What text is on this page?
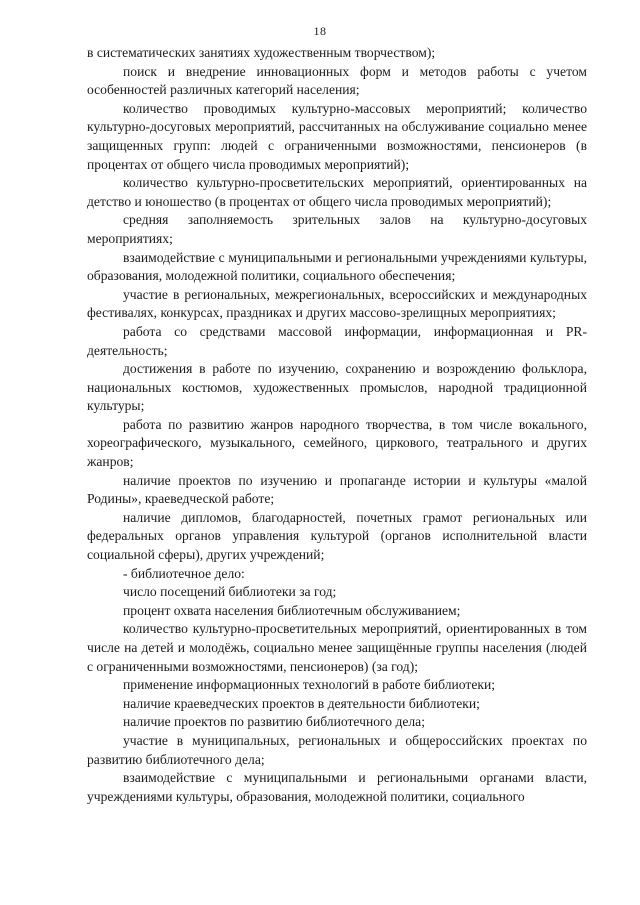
18

в систематических занятиях художественным творчеством);

поиск и внедрение инновационных форм и методов работы с учетом особенностей различных категорий населения;

количество проводимых культурно-массовых мероприятий; количество культурно-досуговых мероприятий, рассчитанных на обслуживание социально менее защищенных групп: людей с ограниченными возможностями, пенсионеров (в процентах от общего числа проводимых мероприятий);

количество культурно-просветительских мероприятий, ориентированных на детство и юношество (в процентах от общего числа проводимых мероприятий);

средняя заполняемость зрительных залов на культурно-досуговых мероприятиях;

взаимодействие с муниципальными и региональными учреждениями культуры, образования, молодежной политики, социального обеспечения;

участие в региональных, межрегиональных, всероссийских и международных фестивалях, конкурсах, праздниках и других массово-зрелищных мероприятиях;

работа со средствами массовой информации, информационная и PR-деятельность;

достижения в работе по изучению, сохранению и возрождению фольклора, национальных костюмов, художественных промыслов, народной традиционной культуры;

работа по развитию жанров народного творчества, в том числе вокального, хореографического, музыкального, семейного, циркового, театрального и других жанров;

наличие проектов по изучению и пропаганде истории и культуры «малой Родины», краеведческой работе;

наличие дипломов, благодарностей, почетных грамот региональных или федеральных органов управления культурой (органов исполнительной власти социальной сферы), других учреждений;

- библиотечное дело:

число посещений библиотеки за год;

процент охвата населения библиотечным обслуживанием;

количество культурно-просветительных мероприятий, ориентированных в том числе на детей и молодёжь, социально менее защищённые группы населения (людей с ограниченными возможностями, пенсионеров) (за год);

применение информационных технологий в работе библиотеки;

наличие краеведческих проектов в деятельности библиотеки;

наличие проектов по развитию библиотечного дела;

участие в муниципальных, региональных и общероссийских проектах по развитию библиотечного дела;

взаимодействие с муниципальными и региональными органами власти, учреждениями культуры, образования, молодежной политики, социального
